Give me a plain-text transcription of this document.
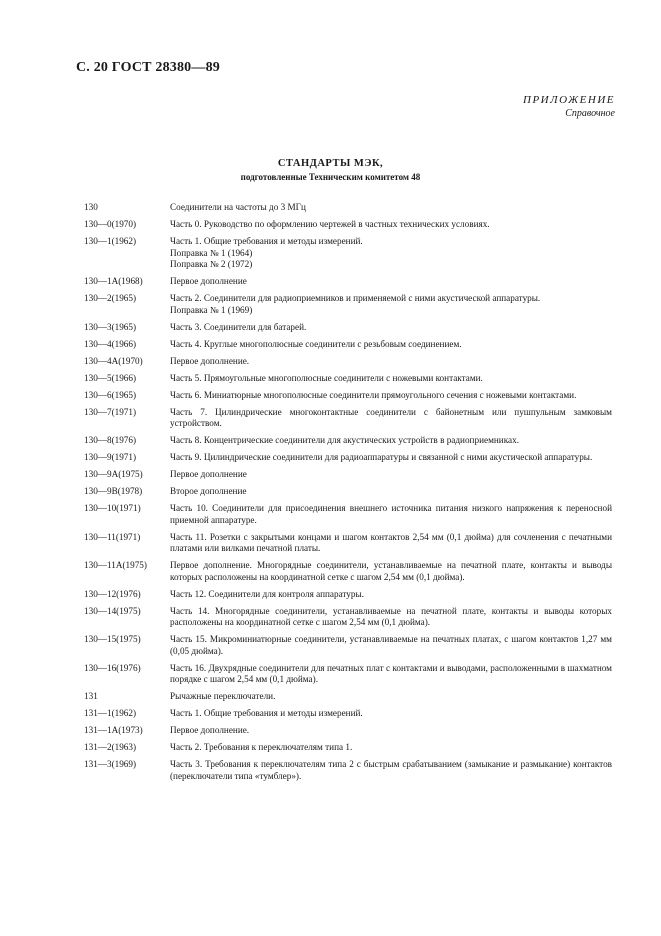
С. 20 ГОСТ 28380—89
ПРИЛОЖЕНИЕ
Справочное
СТАНДАРТЫ МЭК,
подготовленные Техническим комитетом 48
130	Соединители на частоты до 3 МГц
130—0(1970)	Часть 0. Руководство по оформлению чертежей в частных технических условиях.
130—1(1962)	Часть 1. Общие требования и методы измерений.
Поправка № 1 (1964)
Поправка № 2 (1972)
130—1A(1968)	Первое дополнение
130—2(1965)	Часть 2. Соединители для радиоприемников и применяемой с ними акустической аппаратуры.
Поправка № 1 (1969)
130—3(1965)	Часть 3. Соединители для батарей.
130—4(1966)	Часть 4. Круглые многополюсные соединители с резьбовым соединением.
130—4A(1970)	Первое дополнение.
130—5(1966)	Часть 5. Прямоугольные многополюсные соединители с ножевыми контактами.
130—6(1965)	Часть 6. Миниатюрные многополюсные соединители прямоугольного сечения с ножевыми контактами.
130—7(1971)	Часть 7. Цилиндрические многоконтактные соединители с байонетным или пушпульным замковым устройством.
130—8(1976)	Часть 8. Концентрические соединители для акустических устройств в радиоприемниках.
130—9(1971)	Часть 9. Цилиндрические соединители для радиоаппаратуры и связанной с ними акустической аппаратуры.
130—9A(1975)	Первое дополнение
130—9B(1978)	Второе дополнение
130—10(1971)	Часть 10. Соединители для присоединения внешнего источника питания низкого напряжения к переносной приемной аппаратуре.
130—11(1971)	Часть 11. Розетки с закрытыми концами и шагом контактов 2,54 мм (0,1 дюйма) для сочленения с печатными платами или вилками печатной платы.
130—11A(1975)	Первое дополнение. Многорядные соединители, устанавливаемые на печатной плате, контакты и выводы которых расположены на координатной сетке с шагом 2,54 мм (0,1 дюйма).
130—12(1976)	Часть 12. Соединители для контроля аппаратуры.
130—14(1975)	Часть 14. Многорядные соединители, устанавливаемые на печатной плате, контакты и выводы которых расположены на координатной сетке с шагом 2,54 мм (0,1 дюйма).
130—15(1975)	Часть 15. Микроминиатюрные соединители, устанавливаемые на печатных платах, с шагом контактов 1,27 мм (0,05 дюйма).
130—16(1976)	Часть 16. Двухрядные соединители для печатных плат с контактами и выводами, расположенными в шахматном порядке с шагом 2,54 мм (0,1 дюйма).
131	Рычажные переключатели.
131—1(1962)	Часть 1. Общие требования и методы измерений.
131—1A(1973)	Первое дополнение.
131—2(1963)	Часть 2. Требования к переключателям типа 1.
131—3(1969)	Часть 3. Требования к переключателям типа 2 с быстрым срабатыванием (замыкание и размыкание) контактов (переключатели типа «тумблер»).
